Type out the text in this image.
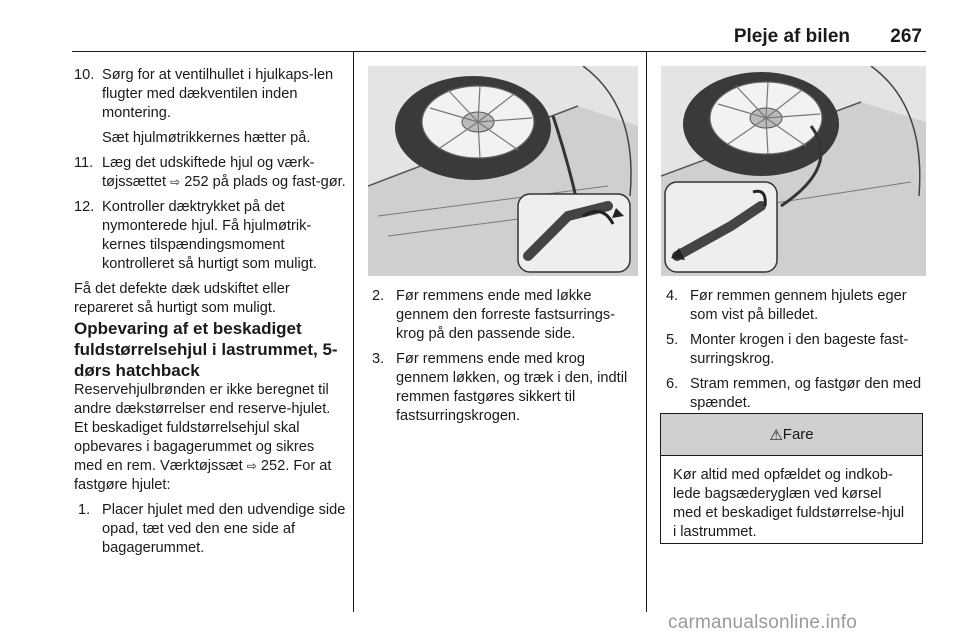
Pleje af bilen	267

10. Sørg for at ventilhullet i hjulkaps-len flugter med dækventilen inden montering.

Sæt hjulmøtrikkernes hætter på.

11. Læg det udskiftede hjul og værk-tøjssættet ⇨ 252 på plads og fast-gør.

12. Kontroller dæktrykket på det nymonterede hjul. Få hjulmøtrik-kernes tilspændingsmoment kontrolleret så hurtigt som muligt.

Få det defekte dæk udskiftet eller repareret så hurtigt som muligt.

Opbevaring af et beskadiget fuldstørrelsehjul i lastrummet, 5-dørs hatchback

Reservehjulbrønden er ikke beregnet til andre dækstørrelser end reserve-hjulet. Et beskadiget fuldstørrelsehjul skal opbevares i bagagerummet og sikres med en rem. Værktøjssæt ⇨ 252. For at fastgøre hjulet:

1. Placer hjulet med den udvendige side opad, tæt ved den ene side af bagagerummet.

2. Før remmens ende med løkke gennem den forreste fastsurrings-krog på den passende side.

3. Før remmens ende med krog gennem løkken, og træk i den, indtil remmen fastgøres sikkert til fastsurringskrogen.

4. Før remmen gennem hjulets eger som vist på billedet.

5. Monter krogen i den bageste fast-surringskrog.

6. Stram remmen, og fastgør den med spændet.

⚠ Fare
Kør altid med opfældet og indkob-lede bagsæderyglæn ved kørsel med et beskadiget fuldstørrelse-hjul i lastrummet.
carmanualsonline.info
